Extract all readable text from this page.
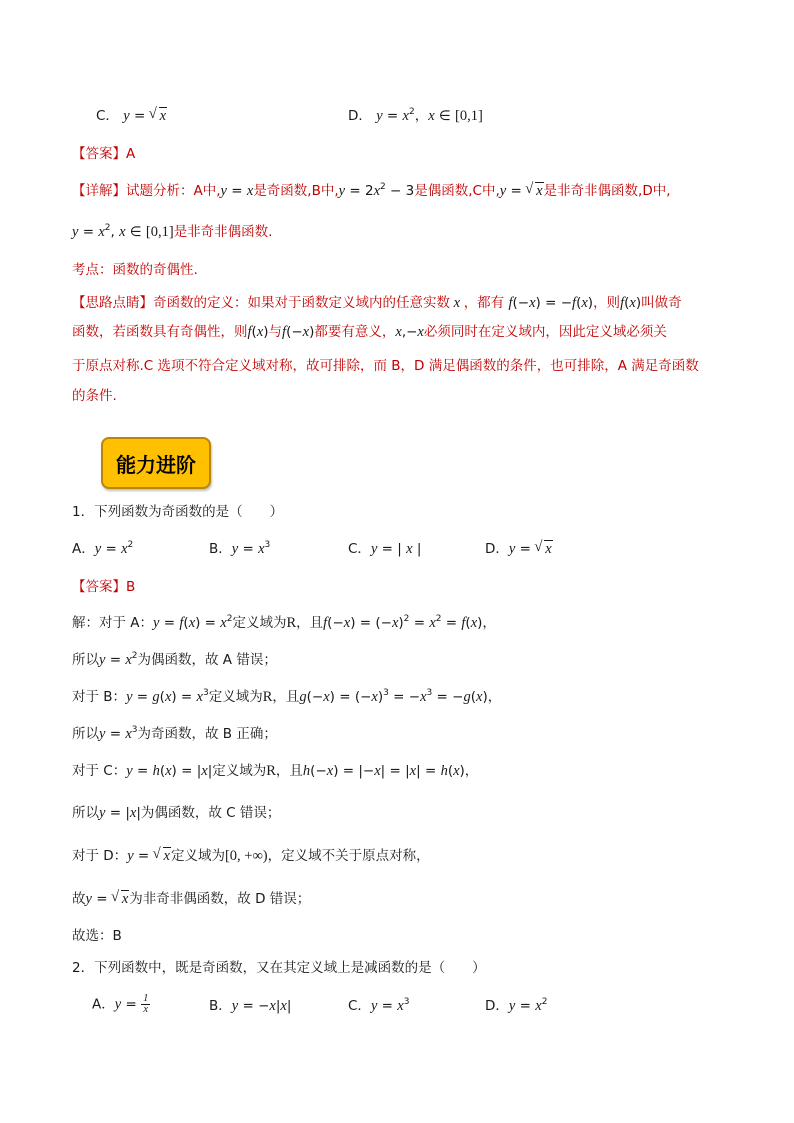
C． y = √ x	D． $y = x^2$，x ∈ [0,1]
【答案】A
【详解】试题分析：A中,y = x是奇函数,B中$,y = 2x^2 - 3$是偶函数,C中,y = √ x是非奇非偶函数,D中,
$y = x^2$, x ∈ [0,1]是非奇非偶函数.
考点：函数的奇偶性.
【思路点睛】奇函数的定义：如果对于函数定义域内的任意实数 x ，都有 f(−x) = −f(x)，则f(x)叫做奇
函数，若函数具有奇偶性，则f(x)与f(−x)都要有意义，x,−x必须同时在定义域内，因此定义域必须关
于原点对称.C 选项不符合定义域对称，故可排除，而 B，D 满足偶函数的条件，也可排除，A 满足奇函数
的条件.
能力进阶
1．下列函数为奇函数的是（　　）
A．$y = x^2$	B．$y = x^3$	C．y = | x |	D．y = √ x
【答案】B
解：对于 A：$y = f(x) = x^2$定义域为R，且$f(-x) = (-x)^2 = x^2 = f(x)$，
所以$y = x^2$为偶函数，故 A 错误；
对于 B：$y = g(x) = x^3$定义域为R，且$g(-x) = (-x)^3 = -x^3 = -g(x)$，
所以$y = x^3$为奇函数，故 B 正确；
对于 C：y = h(x) = |x|定义域为R，且h(−x) = |−x| = |x| = h(x)，
所以y = |x|为偶函数，故 C 错误；
对于 D：y = √ x定义域为[0, +∞)，定义域不关于原点对称，
故y = √ x为非奇非偶函数，故 D 错误；
故选：B
2．下列函数中，既是奇函数，又在其定义域上是减函数的是（　　）
A．$y = \frac{1}{x}$	B．y = −x|x|	C．$y = x^3$	D．$y = x^2$
